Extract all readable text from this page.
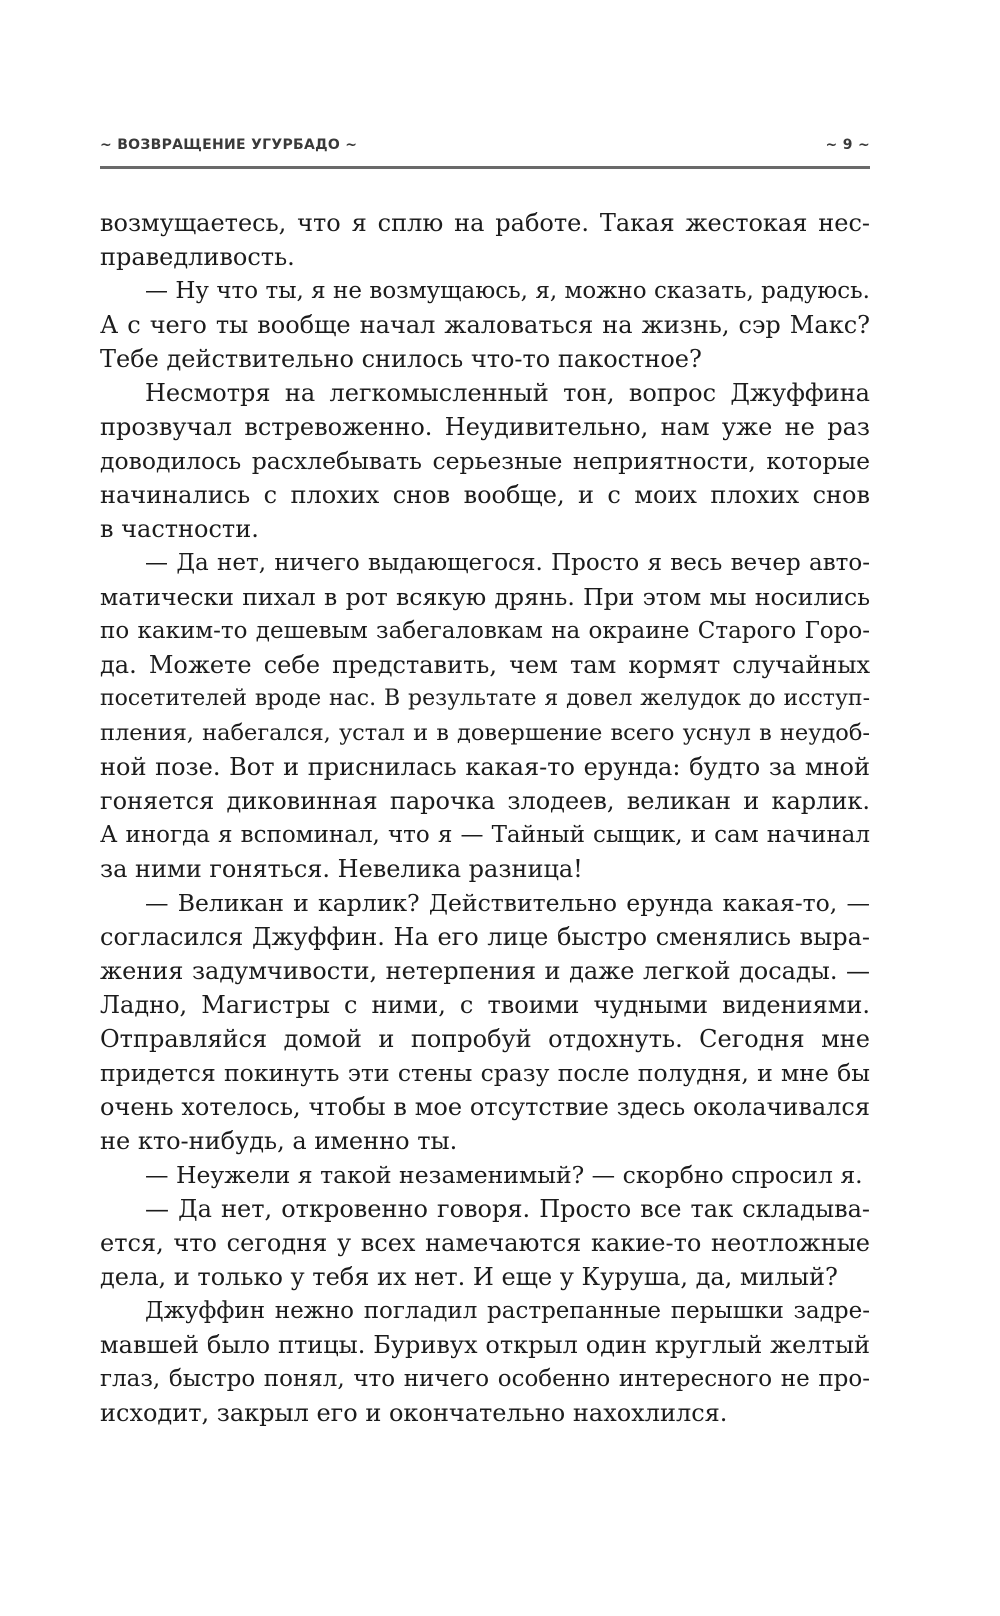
~ ВОЗВРАЩЕНИЕ УГУРБАДО ~	~ 9 ~
возмущаетесь, что я сплю на работе. Такая жестокая нес-
праведливость.
— Ну что ты, я не возмущаюсь, я, можно сказать, радуюсь.
А с чего ты вообще начал жаловаться на жизнь, сэр Макс?
Тебе действительно снилось что-то пакостное?
Несмотря на легкомысленный тон, вопрос Джуффина
прозвучал встревоженно. Неудивительно, нам уже не раз
доводилось расхлебывать серьезные неприятности, которые
начинались с плохих снов вообще, и с моих плохих снов
в частности.
— Да нет, ничего выдающегося. Просто я весь вечер авто-
матически пихал в рот всякую дрянь. При этом мы носились
по каким-то дешевым забегаловкам на окраине Старого Горо-
да. Можете себе представить, чем там кормят случайных
посетителей вроде нас. В результате я довел желудок до исступ-
пления, набегался, устал и в довершение всего уснул в неудоб-
ной позе. Вот и приснилась какая-то ерунда: будто за мной
гоняется диковинная парочка злодеев, великан и карлик.
А иногда я вспоминал, что я — Тайный сыщик, и сам начинал
за ними гоняться. Невелика разница!
— Великан и карлик? Действительно ерунда какая-то, —
согласился Джуффин. На его лице быстро сменялись выра-
жения задумчивости, нетерпения и даже легкой досады. —
Ладно, Магистры с ними, с твоими чудными видениями.
Отправляйся домой и попробуй отдохнуть. Сегодня мне
придется покинуть эти стены сразу после полудня, и мне бы
очень хотелось, чтобы в мое отсутствие здесь околачивался
не кто-нибудь, а именно ты.
— Неужели я такой незаменимый? — скорбно спросил я.
— Да нет, откровенно говоря. Просто все так складыва-
ется, что сегодня у всех намечаются какие-то неотложные
дела, и только у тебя их нет. И еще у Куруша, да, милый?
Джуффин нежно погладил растрепанные перышки задре-
мавшей было птицы. Буривух открыл один круглый желтый
глаз, быстро понял, что ничего особенно интересного не про-
исходит, закрыл его и окончательно нахохлился.
